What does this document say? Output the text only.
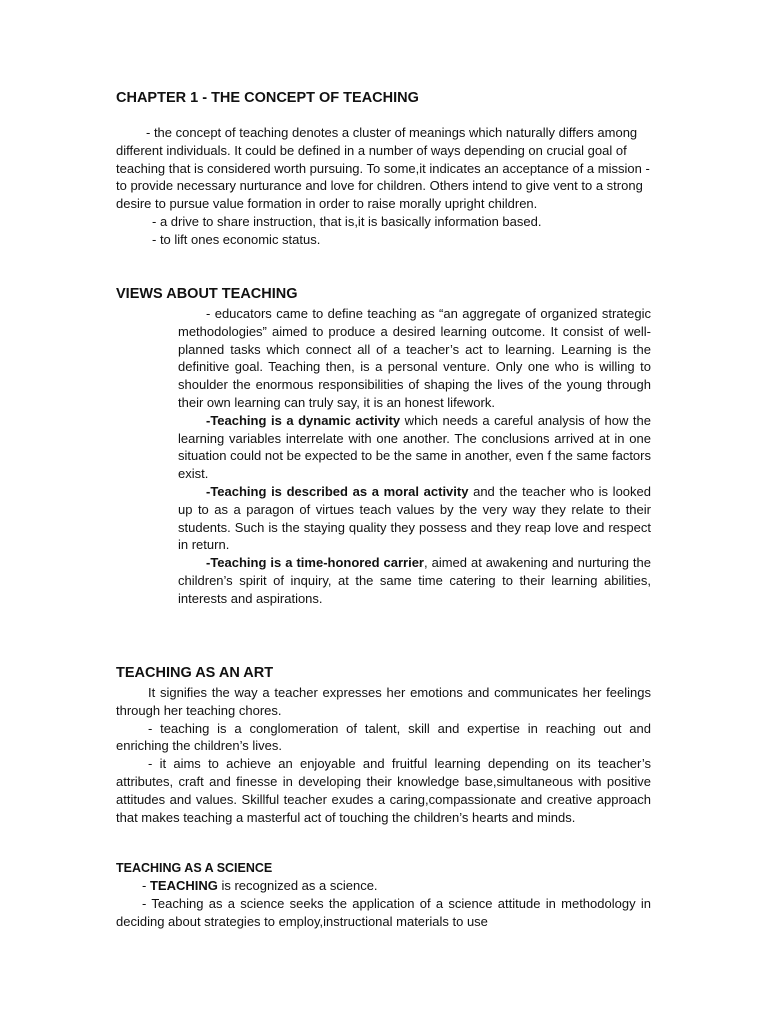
CHAPTER 1 - THE CONCEPT OF TEACHING

- the concept of teaching denotes a cluster of meanings which naturally differs among different individuals. It could be defined in a number of ways depending on crucial goal of teaching that is considered worth pursuing. To some,it indicates an acceptance of a mission - to provide necessary nurturance and love for children. Others intend to give vent to a strong desire to pursue value formation in order to raise morally upright children.

- a drive to share instruction, that is,it is basically information based.

- to lift ones economic status.

VIEWS ABOUT TEACHING

- educators came to define teaching as “an aggregate of organized strategic methodologies” aimed to produce a desired learning outcome. It consist of well-planned tasks which connect all of a teacher’s act to learning. Learning is the definitive goal. Teaching then, is a personal venture. Only one who is willing to shoulder the enormous responsibilities of shaping the lives of the young through their own learning can truly say, it is an honest lifework.

-Teaching is a dynamic activity which needs a careful analysis of how the learning variables interrelate with one another. The conclusions arrived at in one situation could not be expected to be the same in another, even f the same factors exist.

-Teaching is described as a moral activity and the teacher who is looked up to as a paragon of virtues teach values by the very way they relate to their students. Such is the staying quality they possess and they reap love and respect in return.

-Teaching is a time-honored carrier, aimed at awakening and nurturing the children’s spirit of inquiry, at the same time catering to their learning abilities, interests and aspirations.

TEACHING AS AN ART

It signifies the way a teacher expresses her emotions and communicates her feelings through her teaching chores.

- teaching is a conglomeration of talent, skill and expertise in reaching out and enriching the children’s lives.

- it aims to achieve an enjoyable and fruitful learning depending on its teacher’s attributes, craft and finesse in developing their knowledge base,simultaneous with positive attitudes and values. Skillful teacher exudes a caring,compassionate and creative approach that makes teaching a masterful act of touching the children’s hearts and minds.

TEACHING AS A SCIENCE

- TEACHING is recognized as a science.

- Teaching as a science seeks the application of a science attitude in methodology in deciding about strategies to employ,instructional materials to use
